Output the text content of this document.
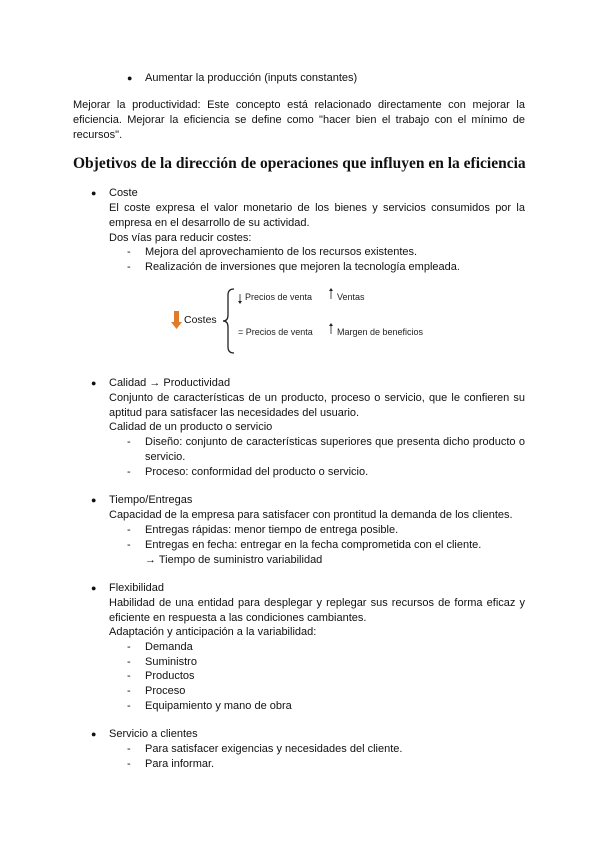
● Aumentar la producción (inputs constantes)
Mejorar la productividad: Este concepto está relacionado directamente con mejorar la
eficiencia. Mejorar la eficiencia se define como "hacer bien el trabajo con el mínimo de
recursos".
Objetivos de la dirección de operaciones que influyen en la eficiencia
● Coste
El coste expresa el valor monetario de los bienes y servicios consumidos por la
empresa en el desarrollo de su actividad.
Dos vías para reducir costes:
- Mejora del aprovechamiento de los recursos existentes.
- Realización de inversiones que mejoren la tecnología empleada.
Costes
Precios de venta	Ventas
= Precios de venta	Margen de beneficios
● Calidad → Productividad
Conjunto de características de un producto, proceso o servicio, que le confieren su
aptitud para satisfacer las necesidades del usuario.
Calidad de un producto o servicio
- Diseño: conjunto de características superiores que presenta dicho producto o
servicio.
- Proceso: conformidad del producto o servicio.
● Tiempo/Entregas
Capacidad de la empresa para satisfacer con prontitud la demanda de los clientes.
- Entregas rápidas: menor tiempo de entrega posible.
- Entregas en fecha: entregar en la fecha comprometida con el cliente.
→ Tiempo de suministro variabilidad
● Flexibilidad
Habilidad de una entidad para desplegar y replegar sus recursos de forma eficaz y
eficiente en respuesta a las condiciones cambiantes.
Adaptación y anticipación a la variabilidad:
- Demanda
- Suministro
- Productos
- Proceso
- Equipamiento y mano de obra
● Servicio a clientes
- Para satisfacer exigencias y necesidades del cliente.
- Para informar.
